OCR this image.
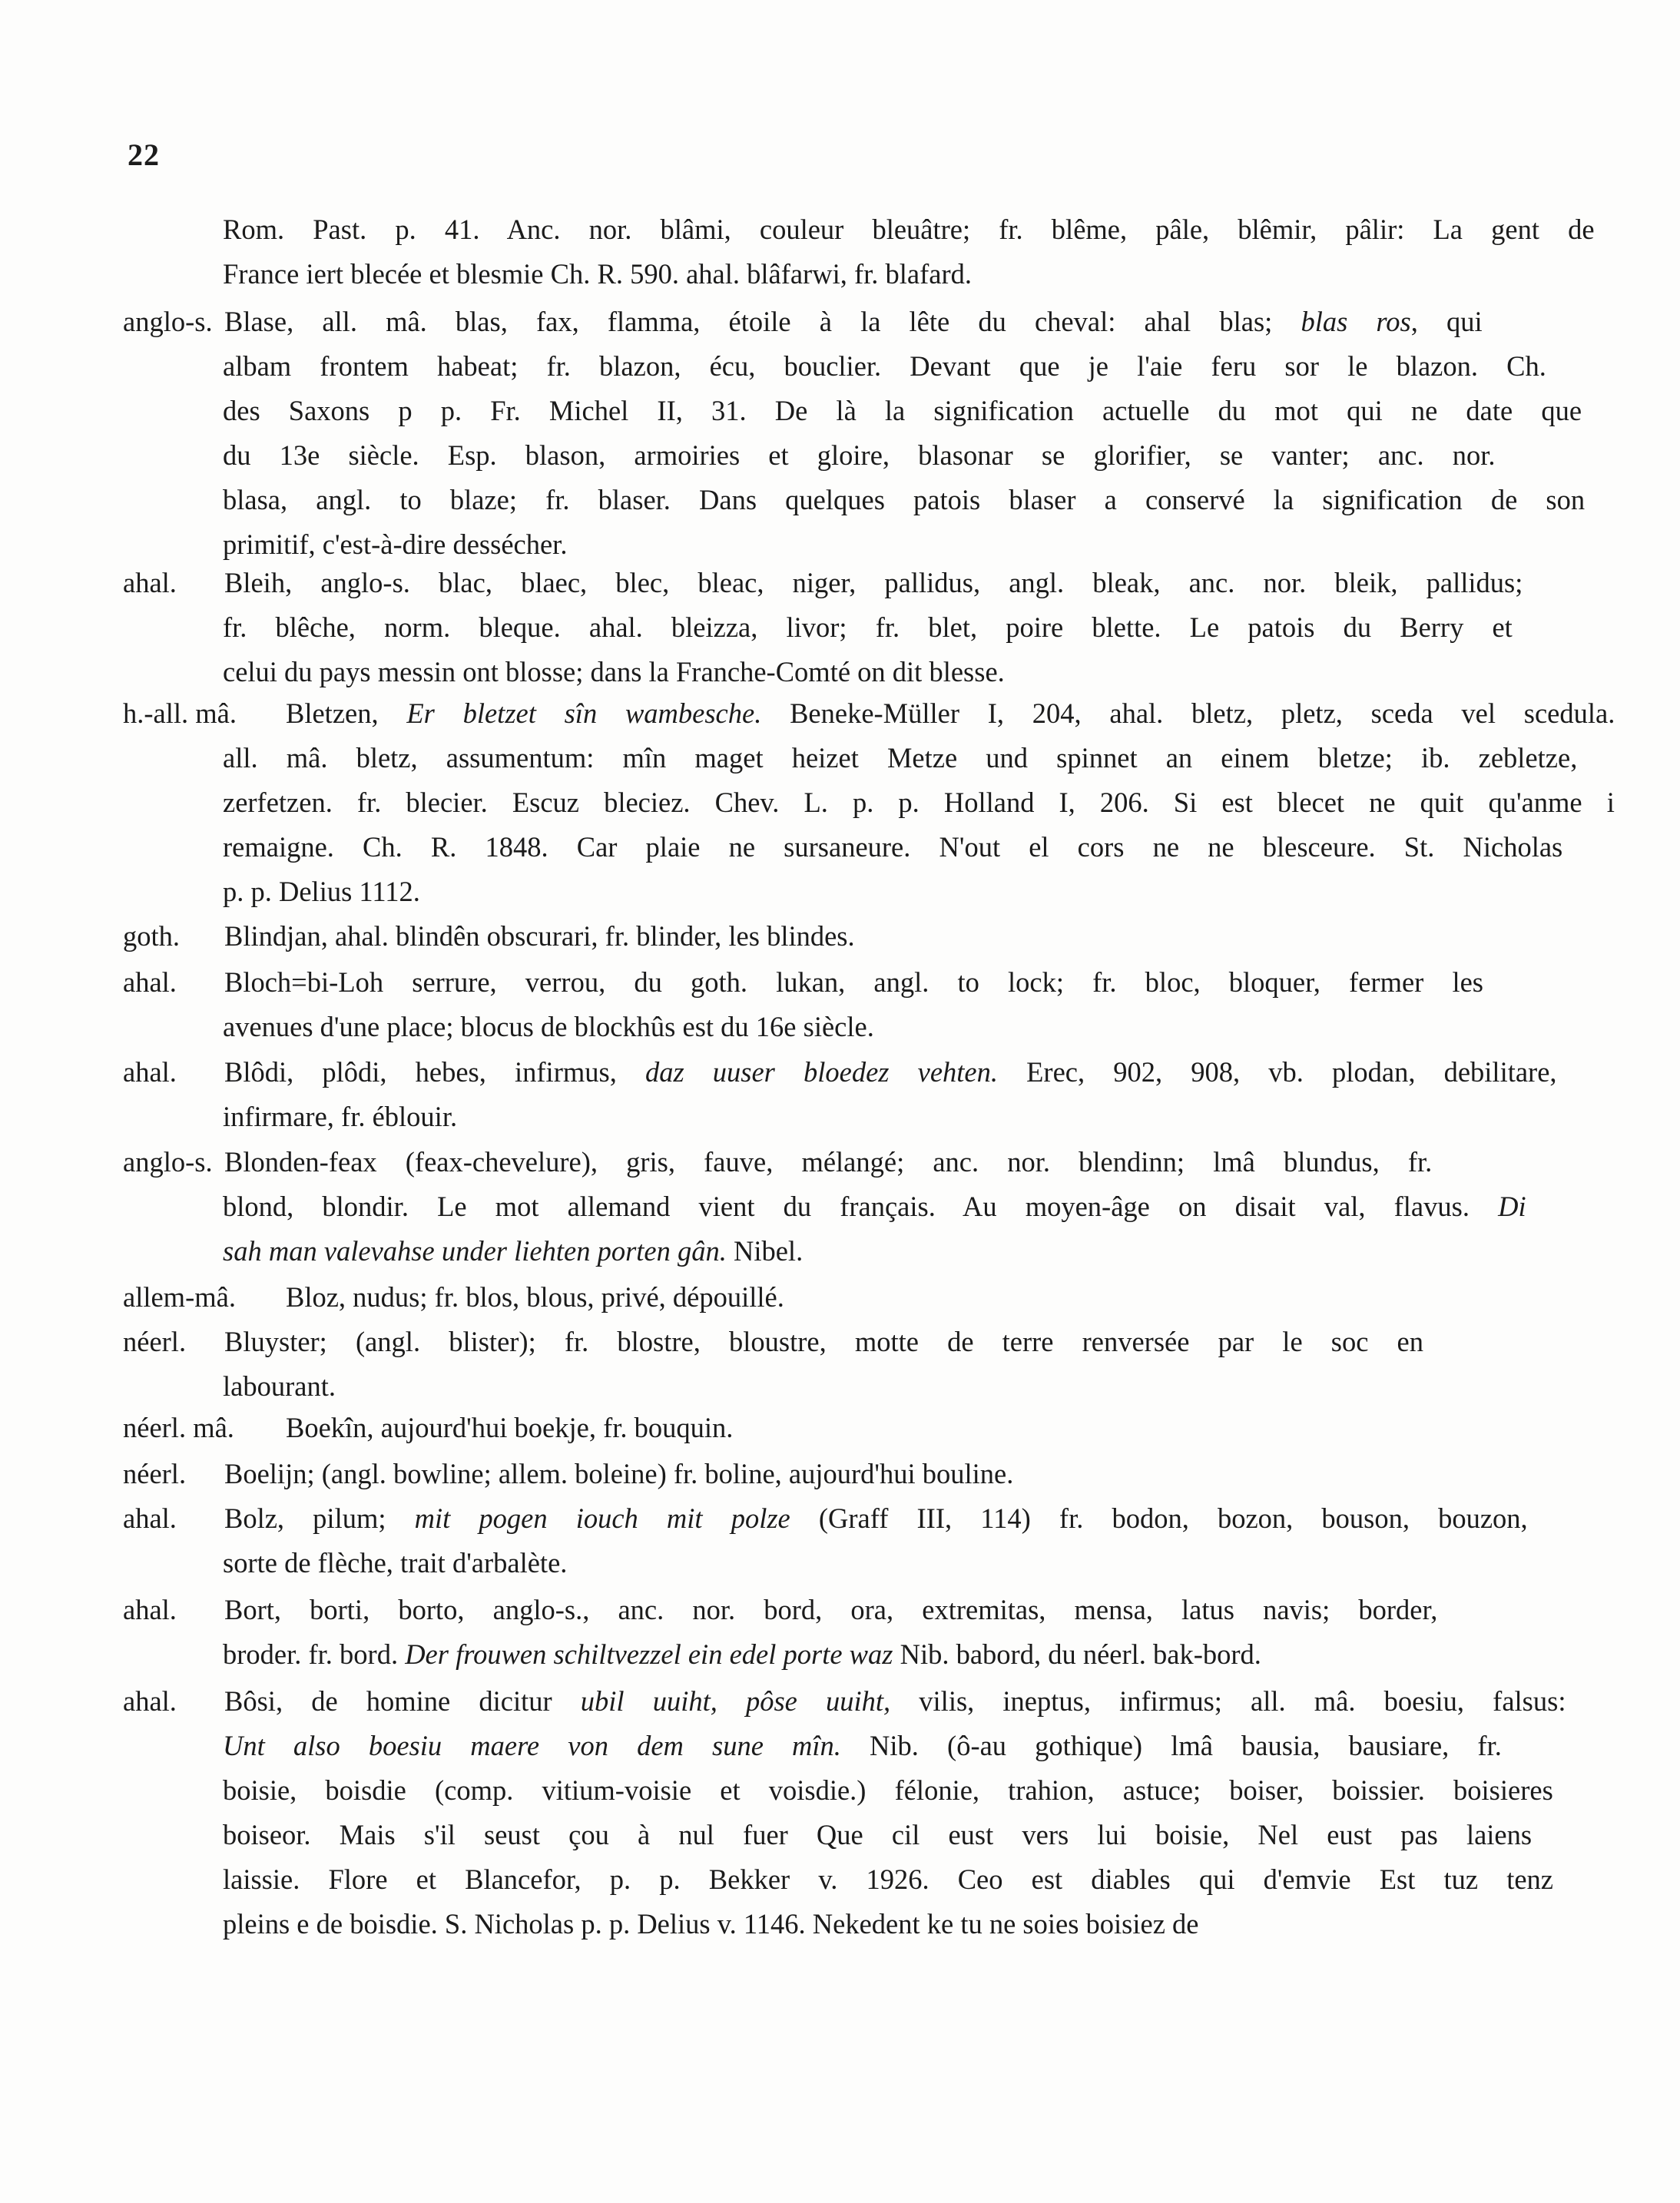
22
Rom. Past. p. 41. Anc. nor. blâmi, couleur bleuâtre; fr. blême, pâle, blêmir, pâlir: La gent de
France iert blecée et blesmie Ch. R. 590. ahal. blâfarwi, fr. blafard.
anglo-s. Blase, all. mâ. blas, fax, flamma, étoile à la lête du cheval: ahal blas; blas ros, qui
albam frontem habeat; fr. blazon, écu, bouclier. Devant que je l'aie feru sor le blazon. Ch.
des Saxons p p. Fr. Michel II, 31. De là la signification actuelle du mot qui ne date que
du 13e siècle. Esp. blason, armoiries et gloire, blasonar se glorifier, se vanter; anc. nor.
blasa, angl. to blaze; fr. blaser. Dans quelques patois blaser a conservé la signification de son
primitif, c'est-à-dire dessécher.
ahal. Bleih, anglo-s. blac, blaec, blec, bleac, niger, pallidus, angl. bleak, anc. nor. bleik, pallidus;
fr. blêche, norm. bleque. ahal. bleizza, livor; fr. blet, poire blette. Le patois du Berry et
celui du pays messin ont blosse; dans la Franche-Comté on dit blesse.
h.-all. mâ. Bletzen, Er bletzet sîn wambesche. Beneke-Müller I, 204, ahal. bletz, pletz, sceda vel scedula.
all. mâ. bletz, assumentum: mîn maget heizet Metze und spinnet an einem bletze; ib. zebletze,
zerfetzen. fr. blecier. Escuz bleciez. Chev. L. p. p. Holland I, 206. Si est blecet ne quit qu'anme i
remaigne. Ch. R. 1848. Car plaie ne sursaneure. N'out el cors ne ne blesceure. St. Nicholas
p. p. Delius 1112.
goth. Blindjan, ahal. blindên obscurari, fr. blinder, les blindes.
ahal. Bloch=bi-Loh serrure, verrou, du goth. lukan, angl. to lock; fr. bloc, bloquer, fermer les
avenues d'une place; blocus de blockhûs est du 16e siècle.
ahal. Blôdi, plôdi, hebes, infirmus, daz uuser bloedez vehten. Erec, 902, 908, vb. plodan, debilitare,
infirmare, fr. éblouir.
anglo-s. Blonden-feax (feax-chevelure), gris, fauve, mélangé; anc. nor. blendinn; lmâ blundus, fr.
blond, blondir. Le mot allemand vient du français. Au moyen-âge on disait val, flavus. Di
sah man valevahse under liehten porten gân. Nibel.
allem-mâ. Bloz, nudus; fr. blos, blous, privé, dépouillé.
néerl. Bluyster; (angl. blister); fr. blostre, bloustre, motte de terre renversée par le soc en
labourant.
néerl. mâ. Boekîn, aujourd'hui boekje, fr. bouquin.
néerl. Boelijn; (angl. bowline; allem. boleine) fr. boline, aujourd'hui bouline.
ahal. Bolz, pilum; mit pogen iouch mit polze (Graff III, 114) fr. bodon, bozon, bouson, bouzon,
sorte de flèche, trait d'arbalète.
ahal. Bort, borti, borto, anglo-s., anc. nor. bord, ora, extremitas, mensa, latus navis; border,
broder. fr. bord. Der frouwen schiltvezzel ein edel porte waz Nib. babord, du néerl. bak-bord.
ahal. Bôsi, de homine dicitur ubil uuiht, pôse uuiht, vilis, ineptus, infirmus; all. mâ. boesiu, falsus:
Unt also boesiu maere von dem sune mîn. Nib. (ô-au gothique) lmâ bausia, bausiare, fr.
boisie, boisdie (comp. vitium-voisie et voisdie.) félonie, trahion, astuce; boiser, boissier. boisieres
boiseor. Mais s'il seust çou à nul fuer Que cil eust vers lui boisie, Nel eust pas laiens
laissie. Flore et Blancefor, p. p. Bekker v. 1926. Ceo est diables qui d'emvie Est tuz tenz
pleins e de boisdie. S. Nicholas p. p. Delius v. 1146. Nekedent ke tu ne soies boisiez de
